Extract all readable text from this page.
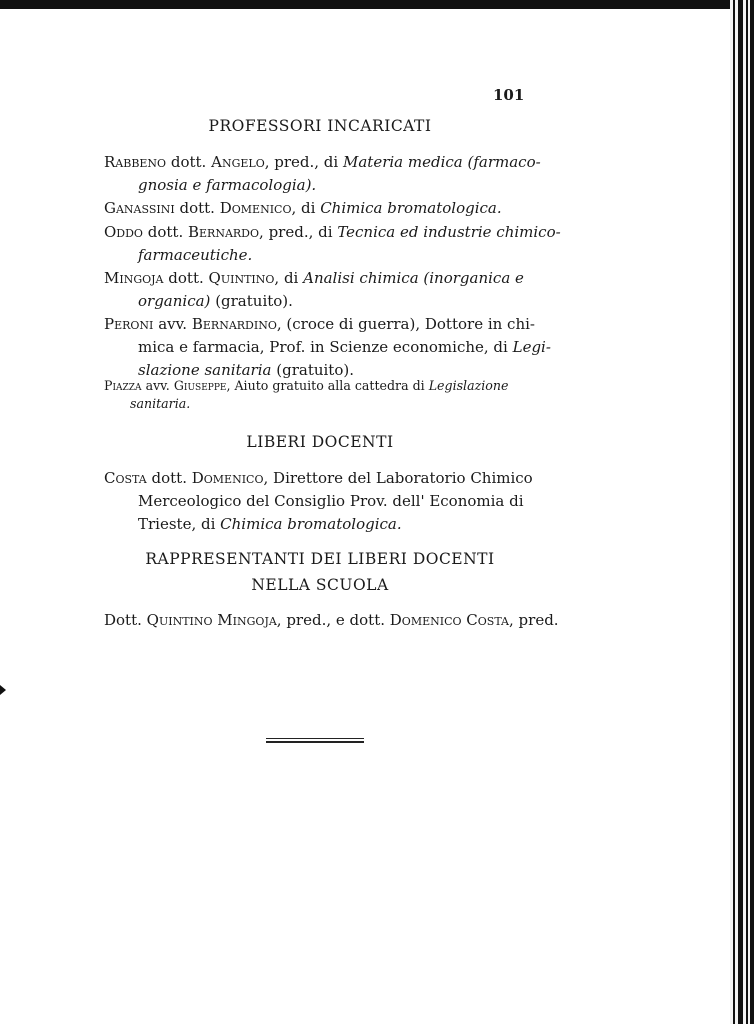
101
PROFESSORI INCARICATI
Rabbeno dott. Angelo, pred., di Materia medica (farmaco-
gnosia e farmacologia).
Ganassini dott. Domenico, di Chimica bromatologica.
Oddo dott. Bernardo, pred., di Tecnica ed industrie chimico-
farmaceutiche.
Mingoja dott. Quintino, di Analisi chimica (inorganica e
organica) (gratuito).
Peroni avv. Bernardino, (croce di guerra), Dottore in chi-
mica e farmacia, Prof. in Scienze economiche, di Legi-
slazione sanitaria (gratuito).
Piazza avv. Giuseppe, Aiuto gratuito alla cattedra di Legislazione
sanitaria.
LIBERI DOCENTI
Costa dott. Domenico, Direttore del Laboratorio Chimico
Merceologico del Consiglio Prov. dell' Economia di
Trieste, di Chimica bromatologica.
RAPPRESENTANTI DEI LIBERI DOCENTI
NELLA SCUOLA
Dott. Quintino Mingoja, pred., e dott. Domenico Costa, pred.
